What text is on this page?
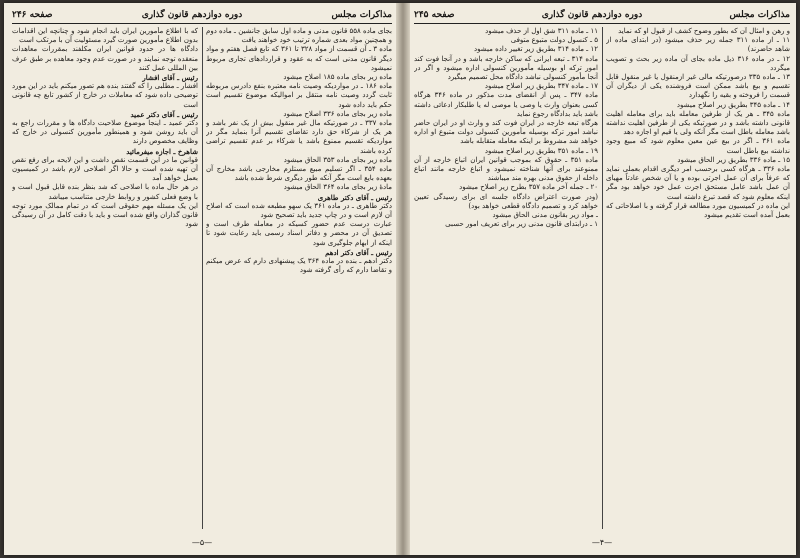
مذاکرات مجلس
دوره دوازدهم قانون گذاری
صفحه ۲۴۶

بجای ماده ۵۵۸ قانون مدنی و ماده اول سابق جانشین ـ ماده دوم و همچنین مواد بعدی شماره ترتیب خود خواهند یافت

ماده ۳ ـ آن قسمت از مواد ۳۲۸ تا ۳۶۱ که تابع فصل هفتم و مواد دیگر قانون مدنی است که به عقود و قراردادهای تجاری مربوط نمیشود

ماده زیر بجای ماده ۱۸۵ اصلاح میشود

ماده ۱۸۶ ـ در مواردیکه وصیت نامه معتبره بنفع دادرس مربوطه ثابت گردد وصیت نامه منتقل بر اموالیکه موضوع تقسیم است حکم باید داده شود

ماده زیر بجای ماده ۳۳۶ اصلاح میشود

ماده ۳۳۷ ـ در صورتیکه مال غیر منقول بیش از یک نفر باشد و هر یک از شرکاء حق دارد تقاضای تقسیم آنرا بنماید مگر در مواردیکه تقسیم ممنوع باشد یا شرکاء بر عدم تقسیم تراضی کرده باشند

ماده زیر بجای ماده ۳۵۳ الحاق میشود

ماده ۳۵۴ ـ اگر تسلیم مبیع مستلزم مخارجی باشد مخارج آن بعهده بایع است مگر آنکه طور دیگری شرط شده باشد

مادهٔ زیر بجای ماده ۳۶۴ الحاق میشود

رئیس ـ آقای دکتر طاهری

دکتر طاهری ـ در ماده ۳۶۱ یک سهو مطبعه شده است که اصلاح آن لازم است و در چاپ جدید باید تصحیح شود

عبارت درست عدم حضور کسیکه در معامله طرف است و تصدیق آن در محضر و دفاتر اسناد رسمی باید رعایت شود تا اینکه از ابهام جلوگیری شود

رئیس ـ آقای دکتر ادهم

دکتر ادهم ـ بنده در ماده ۳۶۴ یک پیشنهادی دارم که عرض میکنم و تقاضا دارم که رأی گرفته شود

که با اطلاع مأمورین ایران باید انجام شود و چنانچه این اقدامات بدون اطلاع مأمورین صورت گیرد مسئولیت آن با مرتکب است

دادگاه ها در حدود قوانین ایران مکلفند بمقررات معاهدات منعقده توجه نمایند و در صورت عدم وجود معاهده بر طبق عرف بین المللی عمل کنند

رئیس ـ آقای افشار

افشار ـ مطلبی را که گفتند بنده هم تصور میکنم باید در این مورد توضیحی داده شود که معاملات در خارج از کشور تابع چه قانونی است

رئیس ـ آقای دکتر عمید

دکتر عمید ـ اینجا موضوع صلاحیت دادگاه ها و مقررات راجع به آن باید روشن شود و همینطور مأمورین کنسولی در خارج که وظایف مخصوص دارند

شاهرخ ـ اجازه میفرمائید

قوانین ما در این قسمت نقص داشت و این لایحه برای رفع نقص آن تهیه شده است و حالا اگر اصلاحی لازم باشد در کمیسیون بعمل خواهد آمد

در هر حال ماده با اصلاحی که شد بنظر بنده قابل قبول است و با وضع فعلی کشور و روابط خارجی متناسب میباشد

این یک مسئله مهم حقوقی است که در تمام ممالک مورد توجه قانون گذاران واقع شده است و باید با دقت کامل در آن رسیدگی شود

—۵—
مذاکرات مجلس
دوره دوازدهم قانون گذاری
صفحه ۲۴۵

و رهن و امثال آن که بطور وضوح کشف از قبول او که نماید

۱۱ ـ از ماده ۳۱۱ جمله زیر حذف میشود (در ابتدای ماده از شاهد حاضرند)

۱۲ ـ در ماده ۳۱۶ ذیل ماده بجای آن ماده زیر بحث و تصویب میگردد

۱۳ ـ ماده ۳۳۵ درصورتیکه مالی غیر ازمنقول یا غیر منقول قابل تقسیم و بیع باشد ممکن است فروشنده یکی از دیگران آن قسمت را فروخته و بقیه را نگهدارد

۱۴ ـ ماده ۳۴۵ بطریق زیر اصلاح میشود

ماده ۳۴۵ ـ هر یک از طرفین معامله باید برای معامله اهلیت قانونی داشته باشد و در صورتیکه یکی از طرفین اهلیت نداشته باشد معامله باطل است مگر آنکه ولی یا قیم او اجازه دهد

ماده ۳۶۱ ـ اگر در بیع عین معین معلوم شود که مبیع وجود نداشته بیع باطل است

۱۵ ـ ماده ۳۳۶ بطریق زیر الحاق میشود

ماده ۳۳۶ ـ هرگاه کسی برحسب امر دیگری اقدام بعملی نماید که عرفاً برای آن عمل اجرتی بوده و یا آن شخص عادتاً مهیای آن عمل باشد عامل مستحق اجرت عمل خود خواهد بود مگر اینکه معلوم شود که قصد تبرع داشته است

این ماده در کمیسیون مورد مطالعه قرار گرفته و با اصلاحاتی که بعمل آمده است تقدیم میشود

۱۱ ـ ماده ۳۱۱ شق اول از حذف میشود

۵ ـ کنسول دولت متبوع متوفی

۱۲ ـ ماده ۳۱۴ بطریق زیر تغییر داده میشود

ماده ۳۱۴ ـ تبعه ایرانی که ساکن خارجه باشد و در آنجا فوت کند امور ترکه او بوسیله مأمورین کنسولی اداره میشود و اگر در آنجا مأمور کنسولی نباشد دادگاه محل تصمیم میگیرد

۱۷ ـ ماده ۳۴۷ بطریق زیر اصلاح میشود

ماده ۳۴۷ ـ پس از انقضای مدت مذکور در ماده ۳۴۶ هرگاه کسی بعنوان وارث یا وصی یا موصی له یا طلبکار ادعائی داشته باشد باید بدادگاه رجوع نماید

هرگاه تبعه خارجه در ایران فوت کند و وارث او در ایران حاضر نباشد امور ترکه بوسیله مأمورین کنسولی دولت متبوع او اداره خواهد شد مشروط بر اینکه معامله متقابله باشد

۱۹ ـ ماده ۳۵۱ بطریق زیر اصلاح میشود

ماده ۳۵۱ ـ حقوق که بموجب قوانین ایران اتباع خارجه از آن ممنوعند برای آنها شناخته نمیشود و اتباع خارجه مانند اتباع داخله از حقوق مدنی بهره مند میباشند

۲۰ ـ جمله آخر ماده ۳۵۷ بطرح زیر اصلاح میشود

(ودر صورت اعتراض دادگاه جلسه ای برای رسیدگی تعیین خواهد کرد و تصمیم دادگاه قطعی خواهد بود)

ـ مواد زیر بقانون مدنی الحاق میشود

۱ ـ درابتدای قانون مدنی زیر برای تعریف امور حسبی

—۴—
